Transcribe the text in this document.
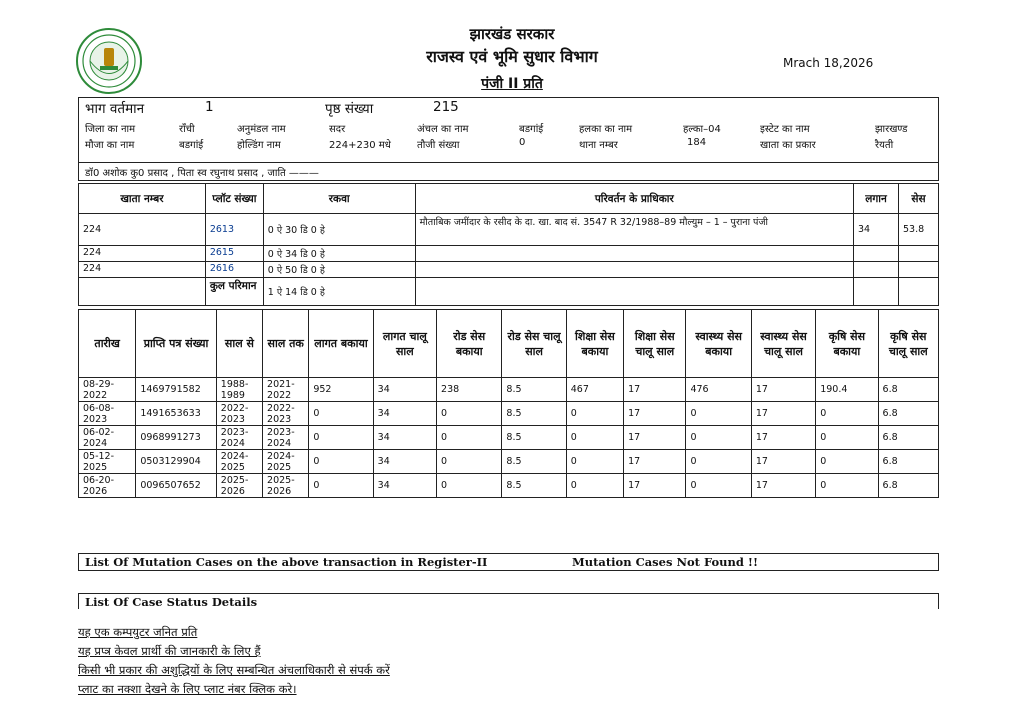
झारखंड सरकार
राजस्व एवं भूमि सुधार विभाग
पंजी II प्रति
Mrach 18,2026
भाग वर्तमान	1	पृष्ठ संख्या	215
जिला का नाम	राँची	अनुमंडल नाम	सदर	अंचल का नाम	बडगांई	हलका का नाम	हल्का–04	इस्टेट का नाम	झारखण्ड
मौजा का नाम	बडगांई	होल्डिंग नाम	224+230 मधे	तौजी संख्या	0	थाना नम्बर	184	खाता का प्रकार	रैयती
डॉ0 अशोक कु0 प्रसाद , पिता स्व रघुनाथ प्रसाद , जाति ———
खाता नम्बर	प्लॉट संख्या	रकवा	परिवर्तन के प्राधिकार	लगान	सेस
224	2613	0 ऐ 30 डि 0 हे	मौताबिक जमींदार के रसीद के दा. खा. बाद सं. 3547 R 32/1988–89 मौल्युम – 1 – पुराना पंजी	34	53.8
224	2615	0 ऐ 34 डि 0 हे			
224	2616	0 ऐ 50 डि 0 हे			
	कुल परिमान	1 ऐ 14 डि 0 हे			
तारीख	प्राप्ति पत्र संख्या	साल से	साल तक	लागत बकाया	लागत चालू साल	रोड सेस बकाया	रोड सेस चालू साल	शिक्षा सेस बकाया	शिक्षा सेस चालू साल	स्वास्थ्य सेस बकाया	स्वास्थ्य सेस चालू साल	कृषि सेस बकाया	कृषि सेस चालू साल
08-29-2022	1469791582	1988-1989	2021-2022	952	34	238	8.5	467	17	476	17	190.4	6.8
06-08-2023	1491653633	2022-2023	2022-2023	0	34	0	8.5	0	17	0	17	0	6.8
06-02-2024	0968991273	2023-2024	2023-2024	0	34	0	8.5	0	17	0	17	0	6.8
05-12-2025	0503129904	2024-2025	2024-2025	0	34	0	8.5	0	17	0	17	0	6.8
06-20-2026	0096507652	2025-2026	2025-2026	0	34	0	8.5	0	17	0	17	0	6.8
List Of Mutation Cases on the above transaction in Register-II	Mutation Cases Not Found !!
List Of Case Status Details
यह एक कम्पयुटर जनित प्रति
यह प्रप्त्र केवल प्रार्थी की जानकारी के लिए हैं
किसी भी प्रकार की अशुद्धियों के लिए सम्बन्धित अंचलाधिकारी से संपर्क करें
प्लाट का नक्शा देखने के लिए प्लाट नंबर क्लिक करे।
